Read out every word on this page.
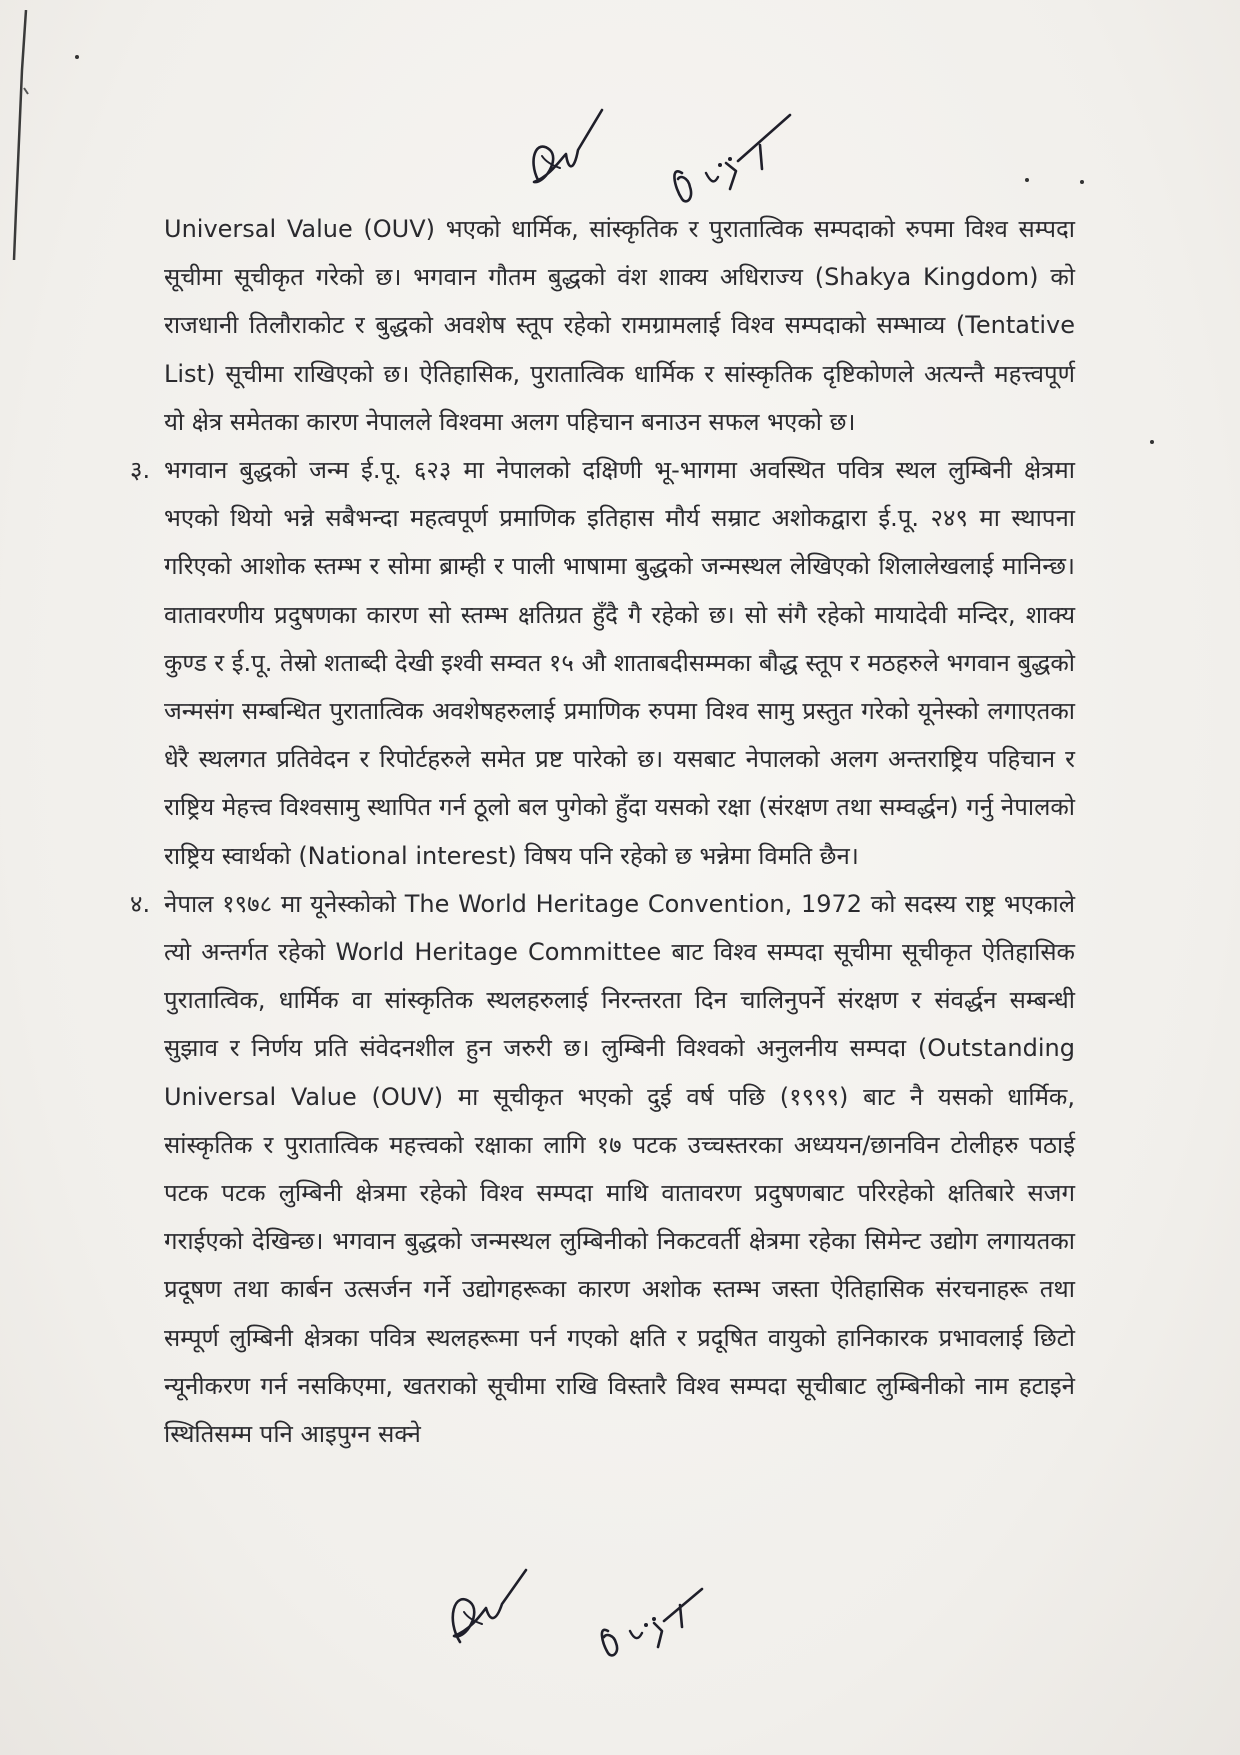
Universal Value (OUV) भएको धार्मिक, सांस्कृतिक र पुरातात्विक सम्पदाको रुपमा विश्व सम्पदा सूचीमा सूचीकृत गरेको छ। भगवान गौतम बुद्धको वंश शाक्य अधिराज्य (Shakya Kingdom) को राजधानी तिलौराकोट र बुद्धको अवशेष स्तूप रहेको रामग्रामलाई विश्व सम्पदाको सम्भाव्य (Tentative List) सूचीमा राखिएको छ। ऐतिहासिक, पुरातात्विक धार्मिक र सांस्कृतिक दृष्टिकोणले अत्यन्तै महत्त्वपूर्ण यो क्षेत्र समेतका कारण नेपालले विश्वमा अलग पहिचान बनाउन सफल भएको छ।

३. भगवान बुद्धको जन्म ई.पू. ६२३ मा नेपालको दक्षिणी भू-भागमा अवस्थित पवित्र स्थल लुम्बिनी क्षेत्रमा भएको थियो भन्ने सबैभन्दा महत्वपूर्ण प्रमाणिक इतिहास मौर्य सम्राट अशोकद्वारा ई.पू. २४९ मा स्थापना गरिएको आशोक स्तम्भ र सोमा ब्राम्ही र पाली भाषामा बुद्धको जन्मस्थल लेखिएको शिलालेखलाई मानिन्छ। वातावरणीय प्रदुषणका कारण सो स्तम्भ क्षतिग्रत हुँदै गै रहेको छ। सो संगै रहेको मायादेवी मन्दिर, शाक्य कुण्ड र ई.पू. तेस्रो शताब्दी देखी इश्वी सम्वत १५ औ शाताबदीसम्मका बौद्ध स्तूप र मठहरुले भगवान बुद्धको जन्मसंग सम्बन्धित पुरातात्विक अवशेषहरुलाई प्रमाणिक रुपमा विश्व सामु प्रस्तुत गरेको यूनेस्को लगाएतका धेरै स्थलगत प्रतिवेदन र रिपोर्टहरुले समेत प्रष्ट पारेको छ। यसबाट नेपालको अलग अन्तराष्ट्रिय पहिचान र राष्ट्रिय मेहत्त्व विश्वसामु स्थापित गर्न ठूलो बल पुगेको हुँदा यसको रक्षा (संरक्षण तथा सम्वर्द्धन) गर्नु नेपालको राष्ट्रिय स्वार्थको (National interest) विषय पनि रहेको छ भन्नेमा विमति छैन।

४. नेपाल १९७८ मा यूनेस्कोको The World Heritage Convention, 1972 को सदस्य राष्ट्र भएकाले त्यो अन्तर्गत रहेको World Heritage Committee बाट विश्व सम्पदा सूचीमा सूचीकृत ऐतिहासिक पुरातात्विक, धार्मिक वा सांस्कृतिक स्थलहरुलाई निरन्तरता दिन चालिनुपर्ने संरक्षण र संवर्द्धन सम्बन्धी सुझाव र निर्णय प्रति संवेदनशील हुन जरुरी छ। लुम्बिनी विश्वको अनुलनीय सम्पदा (Outstanding Universal Value (OUV) मा सूचीकृत भएको दुई वर्ष पछि (१९९९) बाट नै यसको धार्मिक, सांस्कृतिक र पुरातात्विक महत्त्वको रक्षाका लागि १७ पटक उच्चस्तरका अध्ययन/छानविन टोलीहरु पठाई पटक पटक लुम्बिनी क्षेत्रमा रहेको विश्व सम्पदा माथि वातावरण प्रदुषणबाट परिरहेको क्षतिबारे सजग गराईएको देखिन्छ। भगवान बुद्धको जन्मस्थल लुम्बिनीको निकटवर्ती क्षेत्रमा रहेका सिमेन्ट उद्योग लगायतका प्रदूषण तथा कार्बन उत्सर्जन गर्ने उद्योगहरूका कारण अशोक स्तम्भ जस्ता ऐतिहासिक संरचनाहरू तथा सम्पूर्ण लुम्बिनी क्षेत्रका पवित्र स्थलहरूमा पर्न गएको क्षति र प्रदूषित वायुको हानिकारक प्रभावलाई छिटो न्यूनीकरण गर्न नसकिएमा, खतराको सूचीमा राखि विस्तारै विश्व सम्पदा सूचीबाट लुम्बिनीको नाम हटाइने स्थितिसम्म पनि आइपुग्न सक्ने
